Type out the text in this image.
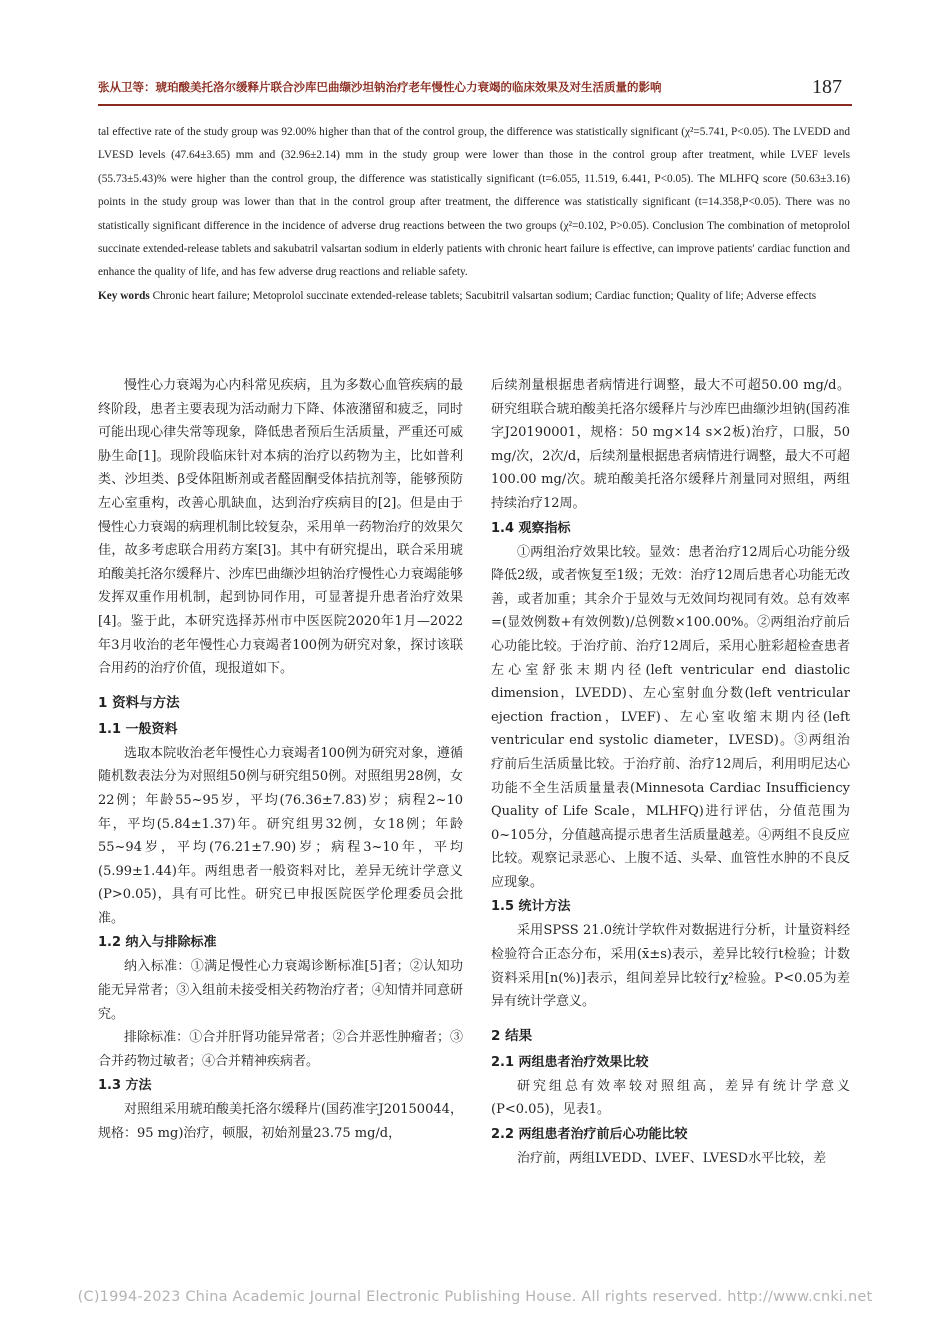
张从卫等：琥珀酸美托洛尔缓释片联合沙库巴曲缬沙坦钠治疗老年慢性心力衰竭的临床效果及对生活质量的影响	187

tal effective rate of the study group was 92.00% higher than that of the control group, the difference was statistically significant (χ²=5.741, P<0.05). The LVEDD and LVESD levels (47.64±3.65) mm and (32.96±2.14) mm in the study group were lower than those in the control group after treatment, while LVEF levels (55.73±5.43)% were higher than the control group, the difference was statistically significant (t=6.055, 11.519, 6.441, P<0.05). The MLHFQ score (50.63±3.16) points in the study group was lower than that in the control group after treatment, the difference was statistically significant (t=14.358,P<0.05). There was no statistically significant difference in the incidence of adverse drug reactions between the two groups (χ²=0.102, P>0.05). Conclusion The combination of metoprolol succinate extended-release tablets and sakubatril valsartan sodium in elderly patients with chronic heart failure is effective, can improve patients′ cardiac function and enhance the quality of life, and has few adverse drug reactions and reliable safety.

Key words Chronic heart failure; Metoprolol succinate extended-release tablets; Sacubitril valsartan sodium; Cardiac function; Quality of life; Adverse effects

慢性心力衰竭为心内科常见疾病，且为多数心血管疾病的最终阶段，患者主要表现为活动耐力下降、体液潴留和疲乏，同时可能出现心律失常等现象，降低患者预后生活质量，严重还可威胁生命[1]。现阶段临床针对本病的治疗以药物为主，比如普利类、沙坦类、β受体阻断剂或者醛固酮受体拮抗剂等，能够预防左心室重构，改善心肌缺血，达到治疗疾病目的[2]。但是由于慢性心力衰竭的病理机制比较复杂，采用单一药物治疗的效果欠佳，故多考虑联合用药方案[3]。其中有研究提出，联合采用琥珀酸美托洛尔缓释片、沙库巴曲缬沙坦钠治疗慢性心力衰竭能够发挥双重作用机制，起到协同作用，可显著提升患者治疗效果[4]。鉴于此，本研究选择苏州市中医医院2020年1月—2022年3月收治的老年慢性心力衰竭者100例为研究对象，探讨该联合用药的治疗价值，现报道如下。

1 资料与方法
1.1 一般资料

选取本院收治老年慢性心力衰竭者100例为研究对象，遵循随机数表法分为对照组50例与研究组50例。对照组男28例，女22例；年龄55~95岁，平均(76.36±7.83)岁；病程2~10年，平均(5.84±1.37)年。研究组男32例，女18例；年龄55~94岁，平均(76.21±7.90)岁；病程3~10年，平均(5.99±1.44)年。两组患者一般资料对比，差异无统计学意义(P>0.05)，具有可比性。研究已申报医院医学伦理委员会批准。

1.2 纳入与排除标准

纳入标准：①满足慢性心力衰竭诊断标准[5]者；②认知功能无异常者；③入组前未接受相关药物治疗者；④知情并同意研究。

排除标准：①合并肝肾功能异常者；②合并恶性肿瘤者；③合并药物过敏者；④合并精神疾病者。

1.3 方法

对照组采用琥珀酸美托洛尔缓释片(国药准字J20150044，规格：95 mg)治疗，顿服，初始剂量23.75 mg/d，

后续剂量根据患者病情进行调整，最大不可超50.00 mg/d。研究组联合琥珀酸美托洛尔缓释片与沙库巴曲缬沙坦钠(国药准字J20190001，规格：50 mg×14 s×2板)治疗，口服，50 mg/次，2次/d，后续剂量根据患者病情进行调整，最大不可超100.00 mg/次。琥珀酸美托洛尔缓释片剂量同对照组，两组持续治疗12周。

1.4 观察指标

①两组治疗效果比较。显效：患者治疗12周后心功能分级降低2级，或者恢复至1级；无效：治疗12周后患者心功能无改善，或者加重；其余介于显效与无效间均视同有效。总有效率=(显效例数+有效例数)/总例数×100.00%。②两组治疗前后心功能比较。于治疗前、治疗12周后，采用心脏彩超检查患者左心室舒张末期内径(left ventricular end diastolic dimension，LVEDD)、左心室射血分数(left ventricular ejection fraction，LVEF)、左心室收缩末期内径(left ventricular end systolic diameter，LVESD)。③两组治疗前后生活质量比较。于治疗前、治疗12周后，利用明尼达心功能不全生活质量量表(Minnesota Cardiac Insufficiency Quality of Life Scale，MLHFQ)进行评估，分值范围为0~105分，分值越高提示患者生活质量越差。④两组不良反应比较。观察记录恶心、上腹不适、头晕、血管性水肿的不良反应现象。

1.5 统计方法

采用SPSS 21.0统计学软件对数据进行分析，计量资料经检验符合正态分布，采用(x̄±s)表示，差异比较行t检验；计数资料采用[n(%)]表示，组间差异比较行χ²检验。P<0.05为差异有统计学意义。

2 结果
2.1 两组患者治疗效果比较

研究组总有效率较对照组高，差异有统计学意义(P<0.05)，见表1。

2.2 两组患者治疗前后心功能比较

治疗前，两组LVEDD、LVEF、LVESD水平比较，差

(C)1994-2023 China Academic Journal Electronic Publishing House. All rights reserved. http://www.cnki.net
